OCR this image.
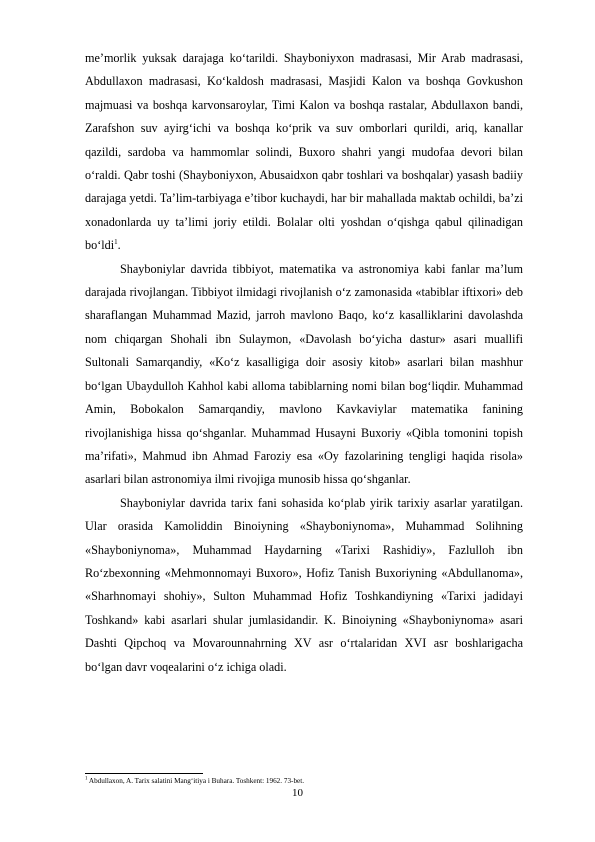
me’morlik yuksak darajaga ko‘tarildi. Shayboniyxon madrasasi, Mir Arab madrasasi, Abdullaxon madrasasi, Ko‘kaldosh madrasasi, Masjidi Kalon va boshqa Govkushon majmuasi va boshqa karvonsaroylar, Timi Kalon va boshqa rastalar, Abdullaxon bandi, Zarafshon suv ayirg‘ichi va boshqa ko‘prik va suv omborlari qurildi, ariq, kanallar qazildi, sardoba va hammomlar solindi, Buxoro shahri yangi mudofaa devori bilan o‘raldi. Qabr toshi (Shayboniyxon, Abusaidxon qabr toshlari va boshqalar) yasash badiiy darajaga yetdi. Ta’lim-tarbiyaga e’tibor kuchaydi, har bir mahallada maktab ochildi, ba’zi xonadonlarda uy ta’limi joriy etildi. Bolalar olti yoshdan o‘qishga qabul qilinadigan bo‘ldi$^1$.

Shayboniylar davrida tibbiyot, matematika va astronomiya kabi fanlar ma’lum darajada rivojlangan. Tibbiyot ilmidagi rivojlanish o‘z zamonasida «tabiblar iftixori» deb sharaflangan Muhammad Mazid, jarroh mavlono Baqo, ko‘z kasalliklarini davolashda nom chiqargan Shohali ibn Sulaymon, «Davolash bo‘yicha dastur» asari muallifi Sultonali Samarqandiy, «Ko‘z kasalligiga doir asosiy kitob» asarlari bilan mashhur bo‘lgan Ubaydulloh Kahhol kabi alloma tabiblarning nomi bilan bog‘liqdir. Muhammad Amin, Bobokalon Samarqandiy, mavlono Kavkaviylar matematika fanining rivojlanishiga hissa qo‘shganlar. Muhammad Husayni Buxoriy «Qibla tomonini topish ma’rifati», Mahmud ibn Ahmad Faroziy esa «Oy fazolarining tengligi haqida risola» asarlari bilan astronomiya ilmi rivojiga munosib hissa qo‘shganlar.

Shayboniylar davrida tarix fani sohasida ko‘plab yirik tarixiy asarlar yaratilgan. Ular orasida Kamoliddin Binoiyning «Shayboniynoma», Muhammad Solihning «Shayboniynoma», Muhammad Haydarning «Tarixi Rashidiy», Fazlulloh ibn Ro‘zbexonning «Mehmonnomayi Buxoro», Hofiz Tanish Buxoriyning «Abdullanoma», «Sharhnomayi shohiy», Sulton Muhammad Hofiz Toshkandiyning «Tarixi jadidayi Toshkand» kabi asarlari shular jumlasidandir. K. Binoiyning «Shayboniynoma» asari Dashti Qipchoq va Movarounnahrning XV asr o‘rtalaridan XVI asr boshlarigacha bo‘lgan davr voqealarini o‘z ichiga oladi.

$^1$ Abdullaxon, A. Tarix salatini Mang‘itiya i Buhara. Toshkent: 1962. 73-bet.
10
